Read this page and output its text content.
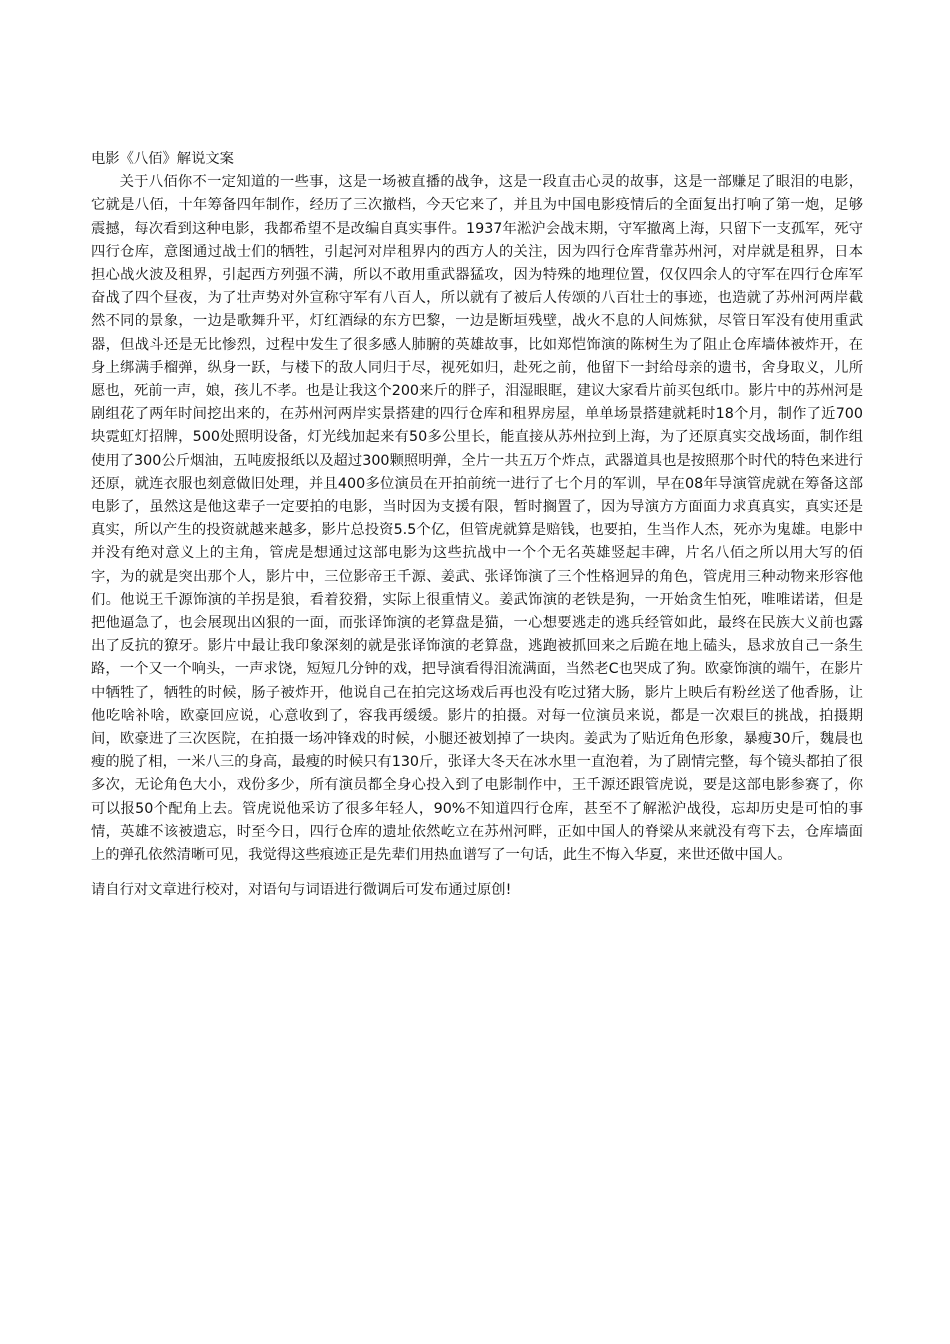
电影《八佰》解说文案

关于八佰你不一定知道的一些事，这是一场被直播的战争，这是一段直击心灵的故事，这是一部赚足了眼泪的电影，它就是八佰，十年筹备四年制作，经历了三次撤档，今天它来了，并且为中国电影疫情后的全面复出打响了第一炮，足够震撼，每次看到这种电影，我都希望不是改编自真实事件。1937年淞沪会战末期，守军撤离上海，只留下一支孤军，死守四行仓库，意图通过战士们的牺牲，引起河对岸租界内的西方人的关注，因为四行仓库背靠苏州河，对岸就是租界，日本担心战火波及租界，引起西方列强不满，所以不敢用重武器猛攻，因为特殊的地理位置，仅仅四余人的守军在四行仓库军奋战了四个昼夜，为了壮声势对外宣称守军有八百人，所以就有了被后人传颂的八百壮士的事迹，也造就了苏州河两岸截然不同的景象，一边是歌舞升平，灯红酒绿的东方巴黎，一边是断垣残壁，战火不息的人间炼狱，尽管日军没有使用重武器，但战斗还是无比惨烈，过程中发生了很多感人肺腑的英雄故事，比如郑恺饰演的陈树生为了阻止仓库墙体被炸开，在身上绑满手榴弹，纵身一跃，与楼下的敌人同归于尽，视死如归，赴死之前，他留下一封给母亲的遗书，舍身取义，儿所愿也，死前一声，娘，孩儿不孝。也是让我这个200来斤的胖子，泪湿眼眶，建议大家看片前买包纸巾。影片中的苏州河是剧组花了两年时间挖出来的，在苏州河两岸实景搭建的四行仓库和租界房屋，单单场景搭建就耗时18个月，制作了近700块霓虹灯招牌，500处照明设备，灯光线加起来有50多公里长，能直接从苏州拉到上海，为了还原真实交战场面，制作组使用了300公斤烟油，五吨废报纸以及超过300颗照明弹，全片一共五万个炸点，武器道具也是按照那个时代的特色来进行还原，就连衣服也刻意做旧处理，并且400多位演员在开拍前统一进行了七个月的军训，早在08年导演管虎就在筹备这部电影了，虽然这是他这辈子一定要拍的电影，当时因为支援有限，暂时搁置了，因为导演方方面面力求真真实，真实还是真实，所以产生的投资就越来越多，影片总投资5.5个亿，但管虎就算是赔钱，也要拍，生当作人杰，死亦为鬼雄。电影中并没有绝对意义上的主角，管虎是想通过这部电影为这些抗战中一个个无名英雄竖起丰碑，片名八佰之所以用大写的佰字，为的就是突出那个人，影片中，三位影帝王千源、姜武、张译饰演了三个性格迥异的角色，管虎用三种动物来形容他们。他说王千源饰演的羊拐是狼，看着狡猾，实际上很重情义。姜武饰演的老铁是狗，一开始贪生怕死，唯唯诺诺，但是把他逼急了，也会展现出凶狠的一面，而张译饰演的老算盘是猫，一心想要逃走的逃兵经管如此，最终在民族大义前也露出了反抗的獠牙。影片中最让我印象深刻的就是张译饰演的老算盘，逃跑被抓回来之后跪在地上磕头，恳求放自己一条生路，一个又一个响头，一声求饶，短短几分钟的戏，把导演看得泪流满面，当然老C也哭成了狗。欧豪饰演的端午，在影片中牺牲了，牺牲的时候，肠子被炸开，他说自己在拍完这场戏后再也没有吃过猪大肠，影片上映后有粉丝送了他香肠，让他吃啥补啥，欧豪回应说，心意收到了，容我再缓缓。影片的拍摄。对每一位演员来说，都是一次艰巨的挑战，拍摄期间，欧豪进了三次医院，在拍摄一场冲锋戏的时候，小腿还被划掉了一块肉。姜武为了贴近角色形象，暴瘦30斤，魏晨也瘦的脱了相，一米八三的身高，最瘦的时候只有130斤，张译大冬天在冰水里一直泡着，为了剧情完整，每个镜头都拍了很多次，无论角色大小，戏份多少，所有演员都全身心投入到了电影制作中，王千源还跟管虎说，要是这部电影参赛了，你可以报50个配角上去。管虎说他采访了很多年轻人，90%不知道四行仓库，甚至不了解淞沪战役，忘却历史是可怕的事情，英雄不该被遗忘，时至今日，四行仓库的遗址依然屹立在苏州河畔，正如中国人的脊梁从来就没有弯下去，仓库墙面上的弹孔依然清晰可见，我觉得这些痕迹正是先辈们用热血谱写了一句话，此生不悔入华夏，来世还做中国人。

请自行对文章进行校对，对语句与词语进行微调后可发布通过原创!
